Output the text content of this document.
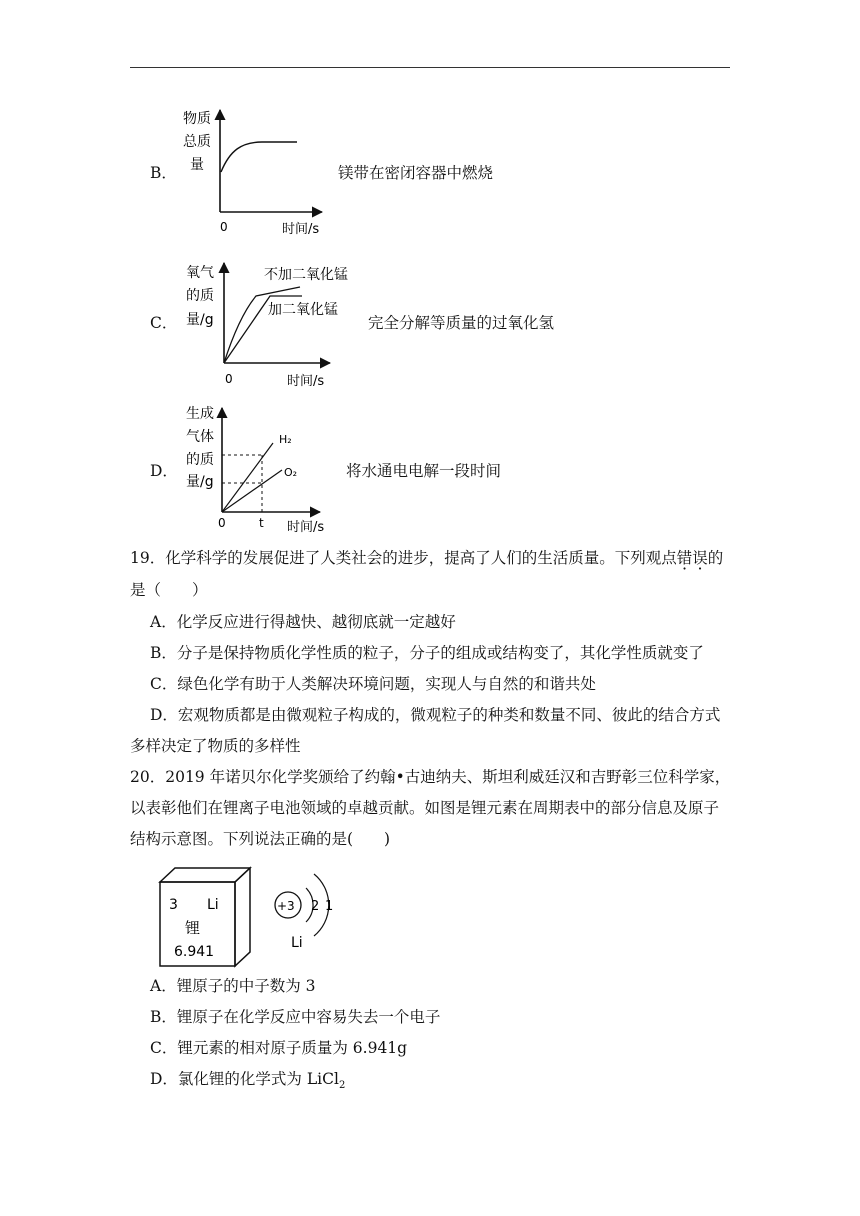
B．
物质
总质
量
0	时间/s
镁带在密闭容器中燃烧
C．
不加二氧化锰
加二氧化锰
氧气
的质
量/g
0	时间/s
完全分解等质量的过氧化氢
D．
H₂
O₂
生成
气体
的质
量/g
0	t 时间/s
将水通电电解一段时间
19．化学科学的发展促进了人类社会的进步，提高了人们的生活质量。下列观点错误的
是（　　）
A．化学反应进行得越快、越彻底就一定越好
B．分子是保持物质化学性质的粒子，分子的组成或结构变了，其化学性质就变了
C．绿色化学有助于人类解决环境问题，实现人与自然的和谐共处
D．宏观物质都是由微观粒子构成的，微观粒子的种类和数量不同、彼此的结合方式
多样决定了物质的多样性
20．2019 年诺贝尔化学奖颁给了约翰•古迪纳夫、斯坦利威廷汉和吉野彰三位科学家，
以表彰他们在锂离子电池领域的卓越贡献。如图是锂元素在周期表中的部分信息及原子
结构示意图。下列说法正确的是(　　)
3 Li
锂
6.941
+3 2 1
Li
A．锂原子的中子数为 3
B．锂原子在化学反应中容易失去一个电子
C．锂元素的相对原子质量为 6.941g
D．氯化锂的化学式为 LiCl$_2$
